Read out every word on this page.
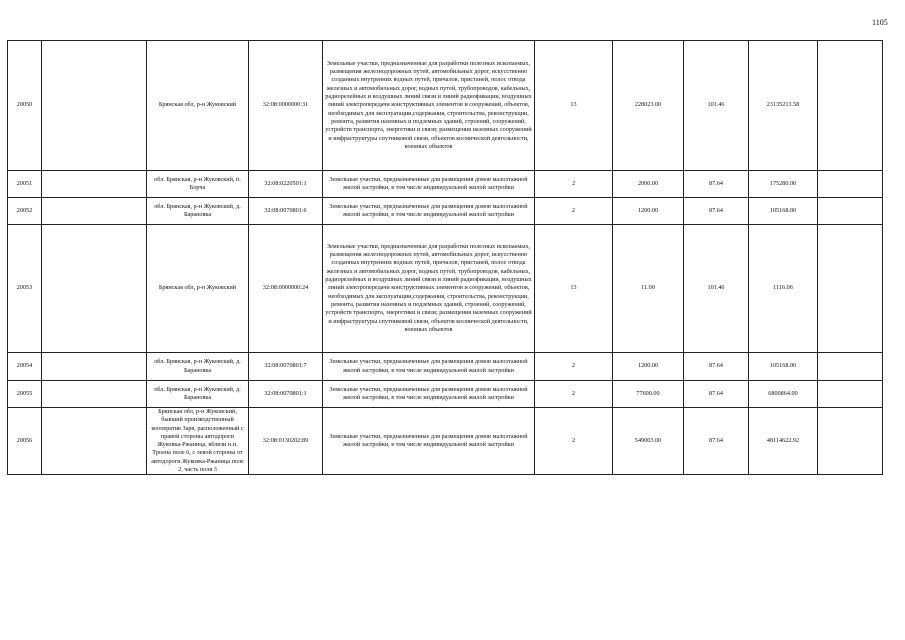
1105
20050		Брянская обл, р-н Жуковский	32:08:0000000:31	Земельные участки, предназначенные для разработки полезных ископаемых, размещения железнодорожных путей, автомобильных дорог, искусственно созданных внутренних водных путей, причалов, пристаней, полос отвода железных и автомобильных дорог, водных путей, трубопроводов, кабельных, радиорелейных и воздушных линий связи и линий радиофикации, воздушных линий электропередачи конструктивных элементов и сооружений, объектов, необходимых для эксплуатации,содержания, строительства, реконструкции, ремонта, развития наземных и подземных зданий, строений, сооружений, устройств транспорта, энергетики и связи; размещения наземных сооружений и инфраструктуры спутниковой связи, объектов космической деятельности, военных объектов	13	228023.00	101.46	23135213.58	
20051		обл. Брянская, р-н Жуковский, п. Борча	32:08:0220501:1	Земельные участки, предназначенные для размещения домов малоэтажной жилой застройки, в том числе индивидуальной жилой застройки	2	2000.00	87.64	175280.00	
20052		обл. Брянская, р-н Жуковский, д. Барановка	32:08:0070801:6	Земельные участки, предназначенные для размещения домов малоэтажной жилой застройки, в том числе индивидуальной жилой застройки	2	1200.00	87.64	105168.00	
20053		Брянская обл, р-н Жуковский	32:08:0000000:24	Земельные участки, предназначенные для разработки полезных ископаемых, размещения железнодорожных путей, автомобильных дорог, искусственно созданных внутренних водных путей, причалов, пристаней, полос отвода железных и автомобильных дорог, водных путей, трубопроводов, кабельных, радиорелейных и воздушных линий связи и линий радиофикации, воздушных линий электропередачи конструктивных элементов и сооружений, объектов, необходимых для эксплуатации,содержания, строительства, реконструкции, ремонта, развития наземных и подземных зданий, строений, сооружений, устройств транспорта, энергетики и связи; размещения наземных сооружений и инфраструктуры спутниковой связи, объектов космической деятельности, военных объектов	13	11.00	101.46	1116.06	
20054		обл. Брянская, р-н Жуковский, д. Барановка	32:08:0070801:7	Земельные участки, предназначенные для размещения домов малоэтажной жилой застройки, в том числе индивидуальной жилой застройки	2	1200.00	87.64	105168.00	
20055		обл. Брянская, р-н Жуковский, д. Барановка	32:08:0070801:1	Земельные участки, предназначенные для размещения домов малоэтажной жилой застройки, в том числе индивидуальной жилой застройки	2	77600.00	87.64	6800864.00	
20056		Брянская обл, р-н Жуковский, бывший производственный кооператив Заря, расположенный с правой стороны автодороги Жуковка-Ржаница, вблизи н.п. Троена поле 6, с левой стороны от автодороги Жуковка-Ржаница поле 2, часть поля 3	32:08:0130202:89	Земельные участки, предназначенные для размещения домов малоэтажной жилой застройки, в том числе индивидуальной жилой застройки	2	549003.00	87.64	48114622.92	
